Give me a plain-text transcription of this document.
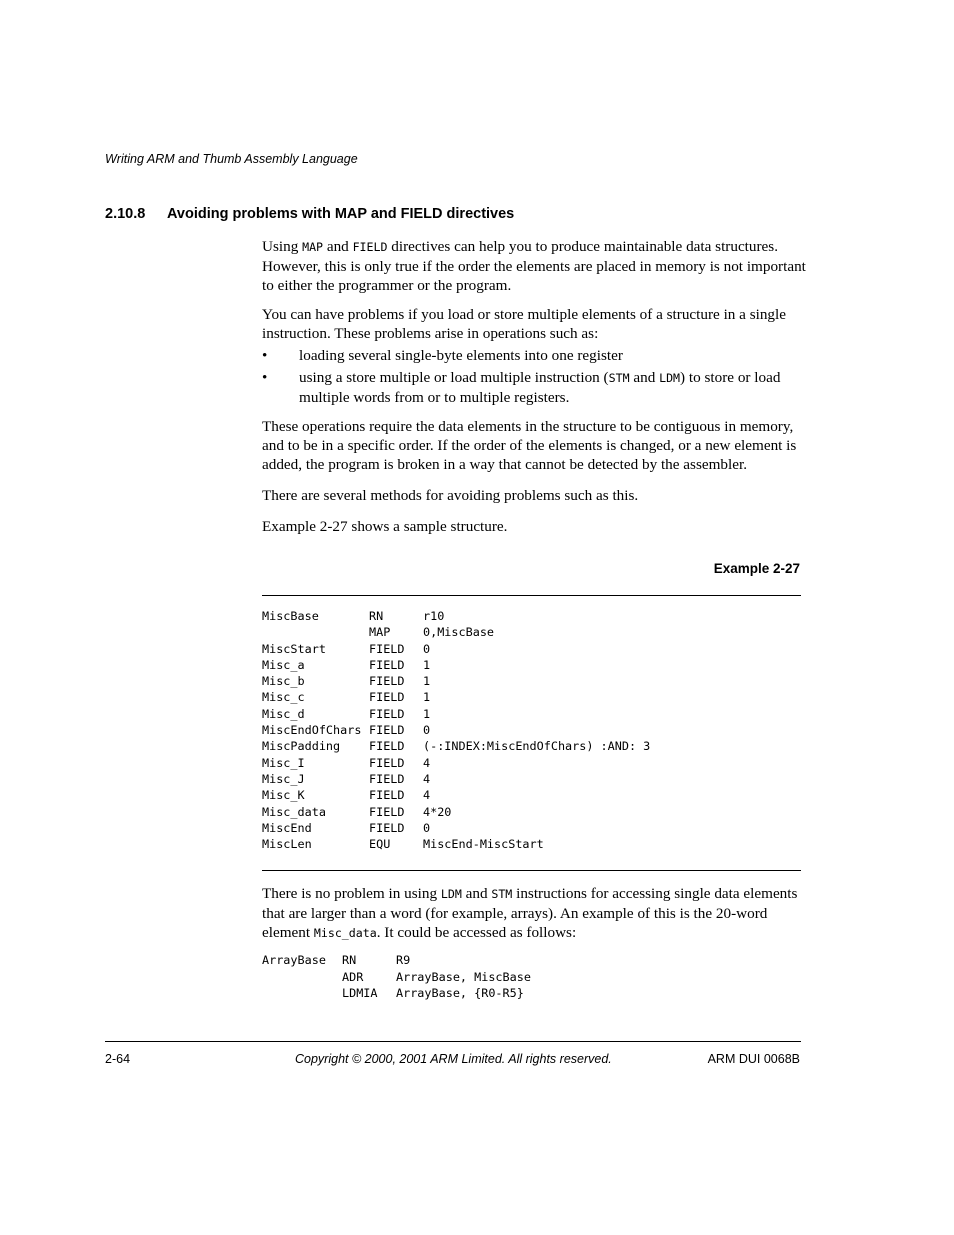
Writing ARM and Thumb Assembly Language
2.10.8 Avoiding problems with MAP and FIELD directives
Using MAP and FIELD directives can help you to produce maintainable data structures. However, this is only true if the order the elements are placed in memory is not important to either the programmer or the program.
You can have problems if you load or store multiple elements of a structure in a single instruction. These problems arise in operations such as:
• loading several single-byte elements into one register
• using a store multiple or load multiple instruction (STM and LDM) to store or load multiple words from or to multiple registers.
These operations require the data elements in the structure to be contiguous in memory, and to be in a specific order. If the order of the elements is changed, or a new element is added, the program is broken in a way that cannot be detected by the assembler.
There are several methods for avoiding problems such as this.
Example 2-27 shows a sample structure.
Example 2-27
MiscBase	RN	r10
	MAP	0,MiscBase
MiscStart	FIELD	0
Misc_a	FIELD	1
Misc_b	FIELD	1
Misc_c	FIELD	1
Misc_d	FIELD	1
MiscEndOfChars	FIELD	0
MiscPadding	FIELD	(-:INDEX:MiscEndOfChars) :AND: 3
Misc_I	FIELD	4
Misc_J	FIELD	4
Misc_K	FIELD	4
Misc_data	FIELD	4*20
MiscEnd	FIELD	0
MiscLen	EQU	MiscEnd-MiscStart
There is no problem in using LDM and STM instructions for accessing single data elements that are larger than a word (for example, arrays). An example of this is the 20-word element Misc_data. It could be accessed as follows:
ArrayBase	RN	R9
	ADR	ArrayBase, MiscBase
	LDMIA	ArrayBase, {R0-R5}
2-64	Copyright © 2000, 2001 ARM Limited. All rights reserved.	ARM DUI 0068B
